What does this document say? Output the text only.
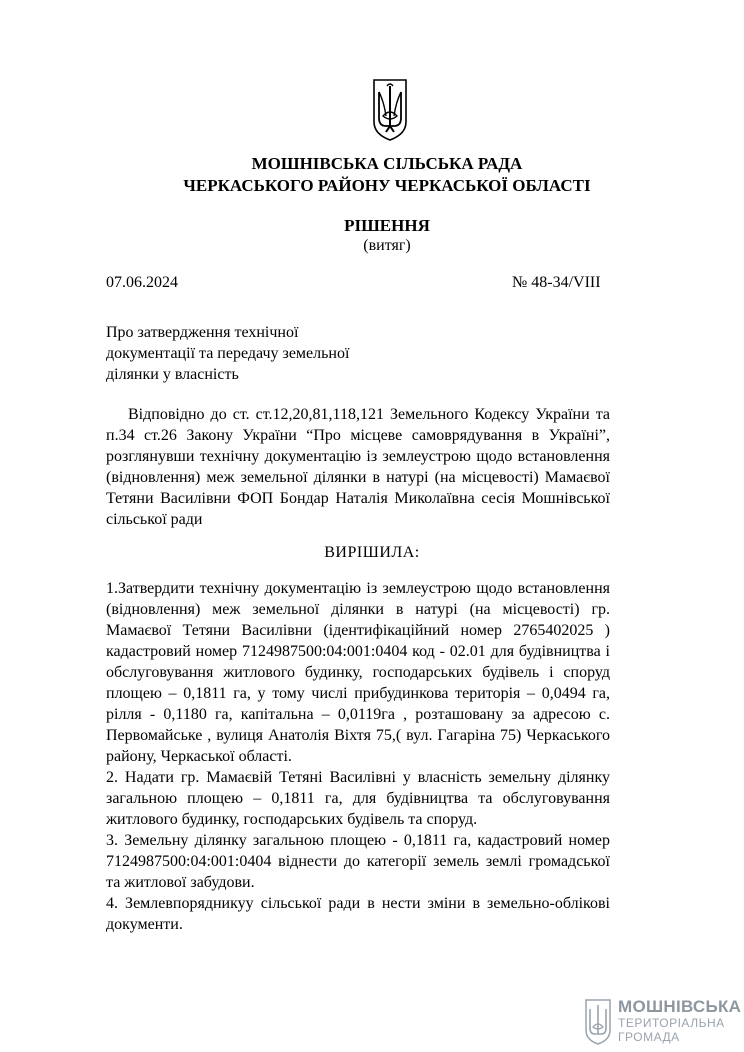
МОШНІВСЬКА СІЛЬСЬКА РАДА
ЧЕРКАСЬКОГО РАЙОНУ ЧЕРКАСЬКОЇ ОБЛАСТІ
РІШЕННЯ
(витяг)
07.06.2024	№ 48-34/VIII
Про затвердження технічної
документації та передачу земельної
ділянки у власність
Відповідно до ст. ст.12,20,81,118,121 Земельного Кодексу України та п.34 ст.26 Закону України “Про місцеве самоврядування в Україні”, розглянувши технічну документацію із землеустрою щодо встановлення (відновлення) меж земельної ділянки в натурі (на місцевості) Мамаєвої Тетяни Василівни ФОП Бондар Наталія Миколаївна сесія Мошнівської сільської ради
ВИРІШИЛА:

1.Затвердити технічну документацію із землеустрою щодо встановлення (відновлення) меж земельної ділянки в натурі (на місцевості) гр. Мамаєвої Тетяни Василівни (ідентифікаційний номер 2765402025 ) кадастровий номер 7124987500:04:001:0404 код - 02.01 для будівництва і обслуговування житлового будинку, господарських будівель і споруд площею – 0,1811 га, у тому числі прибудинкова територія – 0,0494 га, рілля - 0,1180 га, капітальна – 0,0119га , розташовану за адресою с. Первомайське , вулиця Анатолія Віхтя 75,( вул. Гагаріна 75) Черкаського району, Черкаської області.

2. Надати гр. Мамаєвій Тетяні Василівні у власність земельну ділянку загальною площею – 0,1811 га, для будівництва та обслуговування житлового будинку, господарських будівель та споруд.

3. Земельну ділянку загальною площею - 0,1811 га, кадастровий номер 7124987500:04:001:0404 віднести до категорії земель землі громадської та житлової забудови.

4. Землевпорядникуу сільської ради в нести зміни в земельно-облікові документи.

МОШНІВСЬКА
ТЕРИТОРІАЛЬНА
ГРОМАДА
